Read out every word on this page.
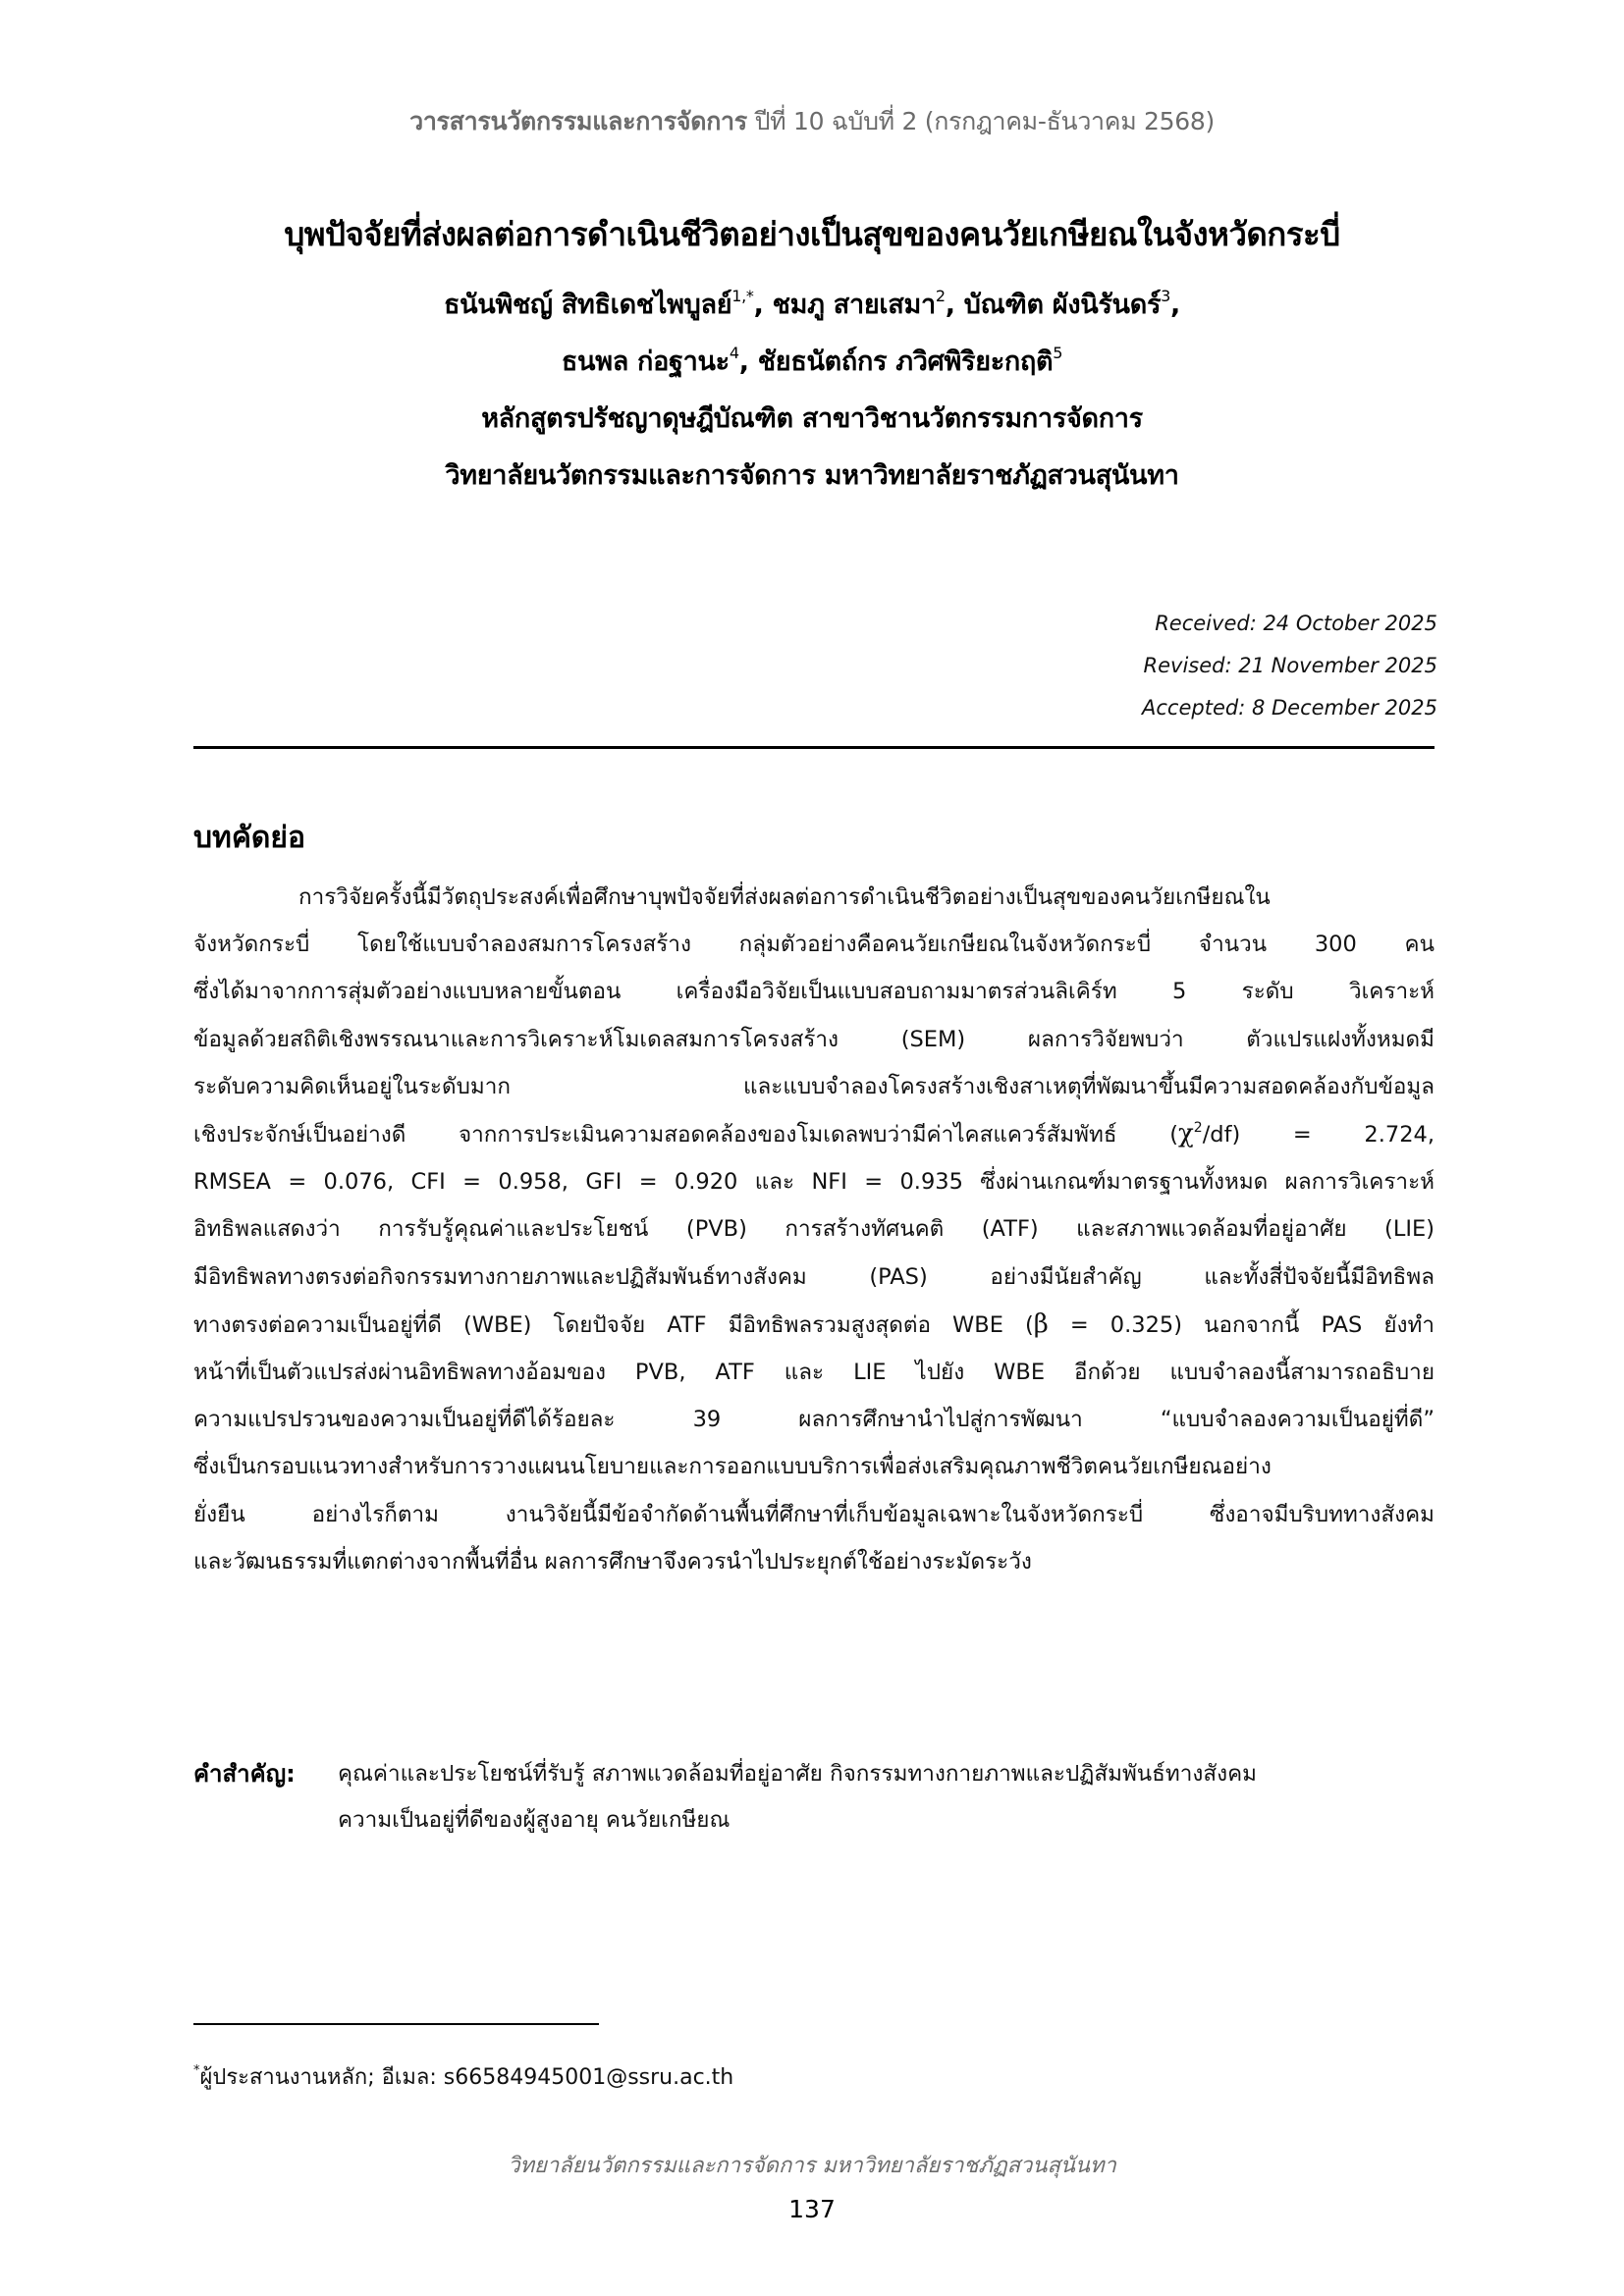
วารสารนวัตกรรมและการจัดการ ปีที่ 10 ฉบับที่ 2 (กรกฎาคม-ธันวาคม 2568)
บุพปัจจัยที่ส่งผลต่อการดำเนินชีวิตอย่างเป็นสุขของคนวัยเกษียณในจังหวัดกระบี่
ธนันพิชญ์ สิทธิเดชไพบูลย์$^{1,*}$, ชมภู สายเสมา$^2$, บัณฑิต ผังนิรันดร์$^3$,
ธนพล ก่อฐานะ$^4$, ชัยธนัตถ์กร ภวิศพิริยะกฤติ$^5$
หลักสูตรปรัชญาดุษฎีบัณฑิต สาขาวิชานวัตกรรมการจัดการ
วิทยาลัยนวัตกรรมและการจัดการ มหาวิทยาลัยราชภัฏสวนสุนันทา
Received: 24 October 2025
Revised: 21 November 2025
Accepted: 8 December 2025
บทคัดย่อ
การวิจัยครั้งนี้มีวัตถุประสงค์เพื่อศึกษาบุพปัจจัยที่ส่งผลต่อการดำเนินชีวิตอย่างเป็นสุขของคนวัยเกษียณใน
จังหวัดกระบี่ โดยใช้แบบจำลองสมการโครงสร้าง กลุ่มตัวอย่างคือคนวัยเกษียณในจังหวัดกระบี่ จำนวน 300 คน
ซึ่งได้มาจากการสุ่มตัวอย่างแบบหลายขั้นตอน เครื่องมือวิจัยเป็นแบบสอบถามมาตรส่วนลิเคิร์ท 5 ระดับ วิเคราะห์
ข้อมูลด้วยสถิติเชิงพรรณนาและการวิเคราะห์โมเดลสมการโครงสร้าง (SEM) ผลการวิจัยพบว่า ตัวแปรแฝงทั้งหมดมี
ระดับความคิดเห็นอยู่ในระดับมาก และแบบจำลองโครงสร้างเชิงสาเหตุที่พัฒนาขึ้นมีความสอดคล้องกับข้อมูล
เชิงประจักษ์เป็นอย่างดี จากการประเมินความสอดคล้องของโมเดลพบว่ามีค่าไคสแควร์สัมพัทธ์ $(\chi^2/df) = 2.724$,
RMSEA = 0.076, CFI = 0.958, GFI = 0.920 และ NFI = 0.935 ซึ่งผ่านเกณฑ์มาตรฐานทั้งหมด ผลการวิเคราะห์
อิทธิพลแสดงว่า การรับรู้คุณค่าและประโยชน์ (PVB) การสร้างทัศนคติ (ATF) และสภาพแวดล้อมที่อยู่อาศัย (LIE)
มีอิทธิพลทางตรงต่อกิจกรรมทางกายภาพและปฏิสัมพันธ์ทางสังคม (PAS) อย่างมีนัยสำคัญ และทั้งสี่ปัจจัยนี้มีอิทธิพล
ทางตรงต่อความเป็นอยู่ที่ดี (WBE) โดยปัจจัย ATF มีอิทธิพลรวมสูงสุดต่อ WBE (β = 0.325) นอกจากนี้ PAS ยังทำ
หน้าที่เป็นตัวแปรส่งผ่านอิทธิพลทางอ้อมของ PVB, ATF และ LIE ไปยัง WBE อีกด้วย แบบจำลองนี้สามารถอธิบาย
ความแปรปรวนของความเป็นอยู่ที่ดีได้ร้อยละ 39 ผลการศึกษานำไปสู่การพัฒนา “แบบจำลองความเป็นอยู่ที่ดี”
ซึ่งเป็นกรอบแนวทางสำหรับการวางแผนนโยบายและการออกแบบบริการเพื่อส่งเสริมคุณภาพชีวิตคนวัยเกษียณอย่าง
ยั่งยืน อย่างไรก็ตาม งานวิจัยนี้มีข้อจำกัดด้านพื้นที่ศึกษาที่เก็บข้อมูลเฉพาะในจังหวัดกระบี่ ซึ่งอาจมีบริบททางสังคม
และวัฒนธรรมที่แตกต่างจากพื้นที่อื่น ผลการศึกษาจึงควรนำไปประยุกต์ใช้อย่างระมัดระวัง
คำสำคัญ: คุณค่าและประโยชน์ที่รับรู้ สภาพแวดล้อมที่อยู่อาศัย กิจกรรมทางกายภาพและปฏิสัมพันธ์ทางสังคม
ความเป็นอยู่ที่ดีของผู้สูงอายุ คนวัยเกษียณ
*ผู้ประสานงานหลัก; อีเมล: s66584945001@ssru.ac.th
วิทยาลัยนวัตกรรมและการจัดการ มหาวิทยาลัยราชภัฏสวนสุนันทา
137
